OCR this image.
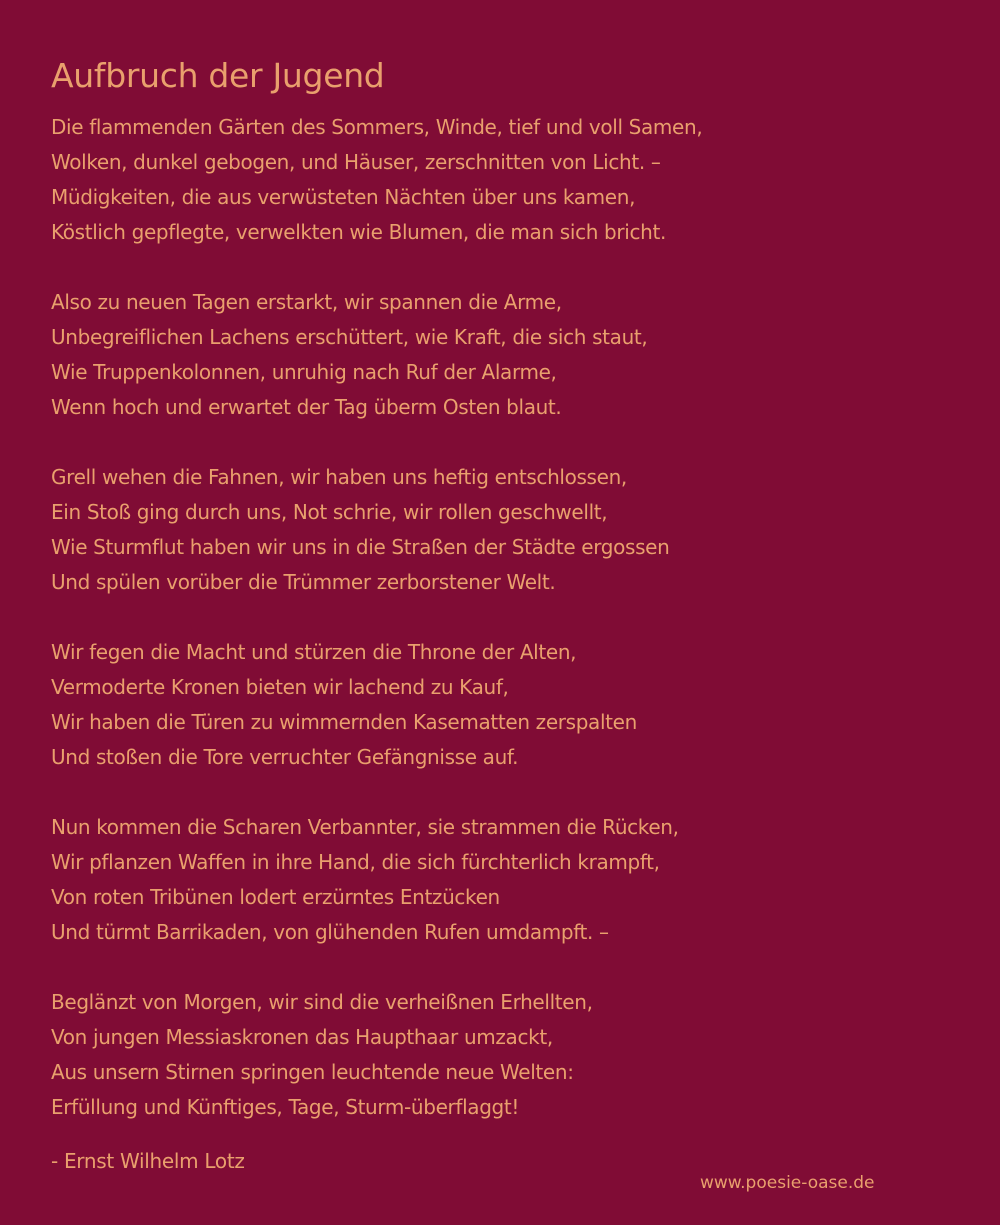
Aufbruch der Jugend
Die flammenden Gärten des Sommers, Winde, tief und voll Samen,
Wolken, dunkel gebogen, und Häuser, zerschnitten von Licht. –
Müdigkeiten, die aus verwüsteten Nächten über uns kamen,
Köstlich gepflegte, verwelkten wie Blumen, die man sich bricht.
Also zu neuen Tagen erstarkt, wir spannen die Arme,
Unbegreiflichen Lachens erschüttert, wie Kraft, die sich staut,
Wie Truppenkolonnen, unruhig nach Ruf der Alarme,
Wenn hoch und erwartet der Tag überm Osten blaut.
Grell wehen die Fahnen, wir haben uns heftig entschlossen,
Ein Stoß ging durch uns, Not schrie, wir rollen geschwellt,
Wie Sturmflut haben wir uns in die Straßen der Städte ergossen
Und spülen vorüber die Trümmer zerborstener Welt.
Wir fegen die Macht und stürzen die Throne der Alten,
Vermoderte Kronen bieten wir lachend zu Kauf,
Wir haben die Türen zu wimmernden Kasematten zerspalten
Und stoßen die Tore verruchter Gefängnisse auf.
Nun kommen die Scharen Verbannter, sie strammen die Rücken,
Wir pflanzen Waffen in ihre Hand, die sich fürchterlich krampft,
Von roten Tribünen lodert erzürntes Entzücken
Und türmt Barrikaden, von glühenden Rufen umdampft. –
Beglänzt von Morgen, wir sind die verheißnen Erhellten,
Von jungen Messiaskronen das Haupthaar umzackt,
Aus unsern Stirnen springen leuchtende neue Welten:
Erfüllung und Künftiges, Tage, Sturm-überflaggt!
- Ernst Wilhelm Lotz
www.poesie-oase.de
